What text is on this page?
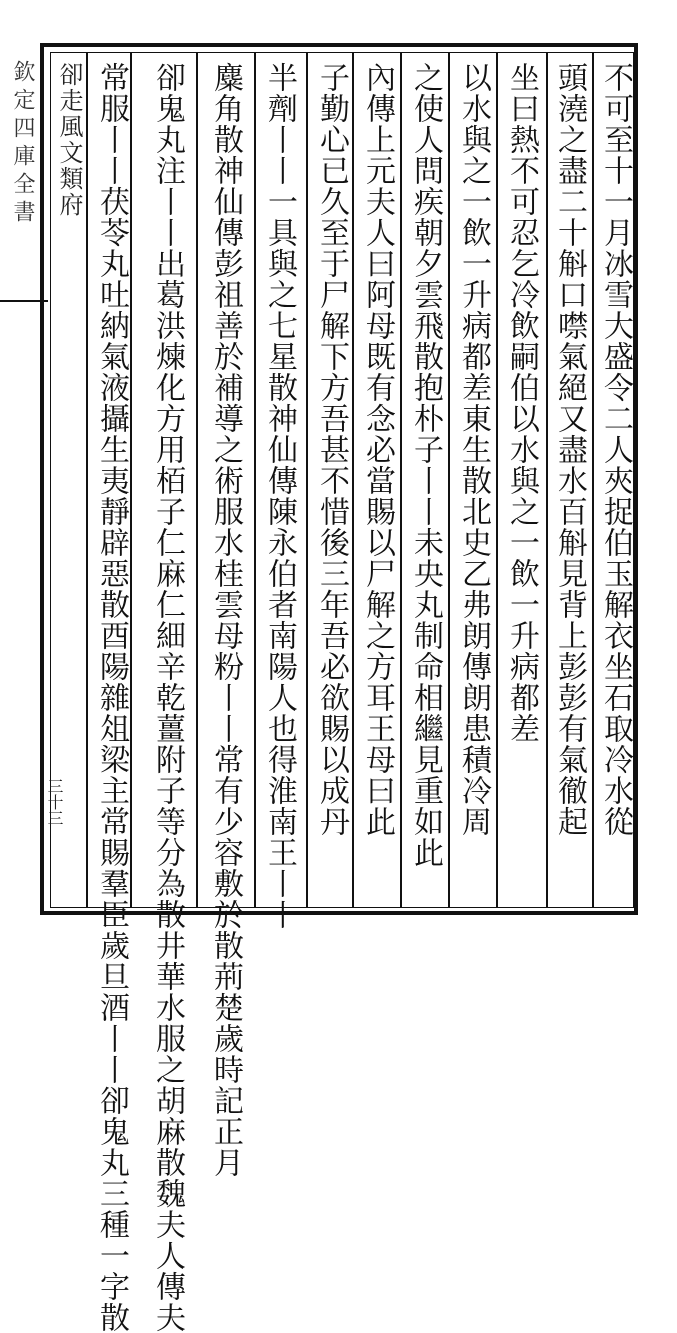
欽定四庫全書 卻走風文類府
三十三	不可至十一月冰雪大盛令二人夾捉伯玉解衣坐石取冷水從
頭澆之盡二十斛口噤氣絕又盡水百斛見背上彭彭有氣徹起
坐曰熱不可忍乞冷飲嗣伯以水與之一飲一升病都差
以水與之一飲一升病都差東生散北史乙弗朗傳朗患積冷周
之使人問疾朝夕雲飛散抱朴子丨丨未央丸制命相繼見重如此
內傳上元夫人曰阿母既有念必當賜以尸解之方耳王母曰此
子勤心已久至于尸解下方吾甚不惜後三年吾必欲賜以成丹
半劑丨丨一具與之七星散神仙傳陳永伯者南陽人也得淮南王丨丨
麋角散神仙傳彭祖善於補導之術服水桂雲母粉丨丨常有少容敷於散荊楚歲時記正月
卻鬼丸注丨丨出葛洪煉化方用栢子仁麻仁細辛乾薑附子等分為散井華水服之胡麻散魏夫人傳夫
常服丨丨茯苓丸吐納氣液攝生夷靜辟惡散酉陽雜俎梁主常賜羣臣歲旦酒丨丨卻鬼丸三種一字散
